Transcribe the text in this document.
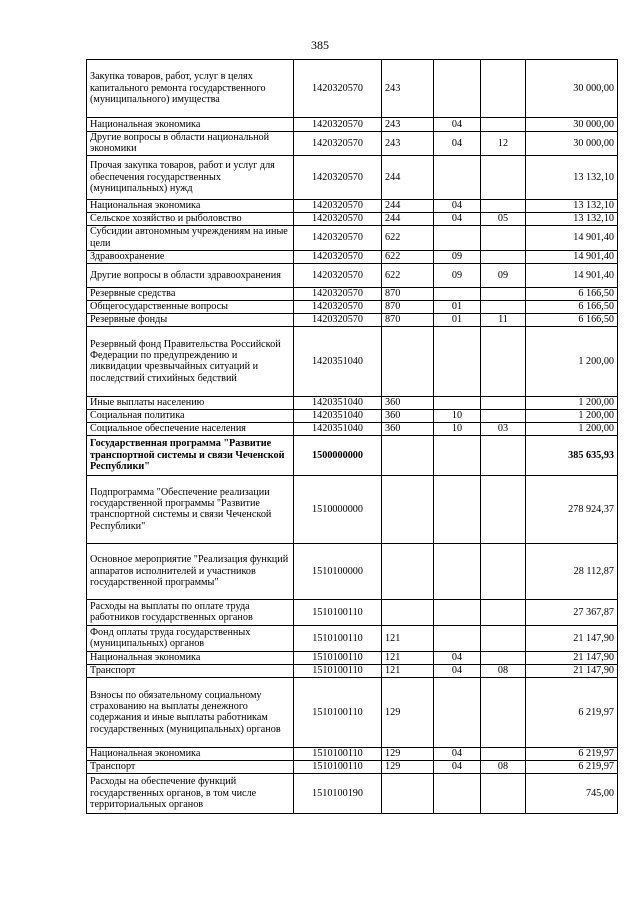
385
Закупка товаров, работ, услуг в целях капитального ремонта государственного (муниципального) имущества	1420320570	243			30 000,00
Национальная экономика	1420320570	243	04		30 000,00
Другие вопросы в области национальной экономики	1420320570	243	04	12	30 000,00
Прочая закупка товаров, работ и услуг для обеспечения государственных (муниципальных) нужд	1420320570	244			13 132,10
Национальная экономика	1420320570	244	04		13 132,10
Сельское хозяйство и рыболовство	1420320570	244	04	05	13 132,10
Субсидии автономным учреждениям на иные цели	1420320570	622			14 901,40
Здравоохранение	1420320570	622	09		14 901,40
Другие вопросы в области здравоохранения	1420320570	622	09	09	14 901,40
Резервные средства	1420320570	870			6 166,50
Общегосударственные вопросы	1420320570	870	01		6 166,50
Резервные фонды	1420320570	870	01	11	6 166,50
Резервный фонд Правительства Российской Федерации по предупреждению и ликвидации чрезвычайных ситуаций и последствий стихийных бедствий	1420351040				1 200,00
Иные выплаты населению	1420351040	360			1 200,00
Социальная политика	1420351040	360	10		1 200,00
Социальное обеспечение населения	1420351040	360	10	03	1 200,00
Государственная программа "Развитие транспортной системы и связи Чеченской Республики"	1500000000				385 635,93
Подпрограмма "Обеспечение реализации государственной программы "Развитие транспортной системы и связи Чеченской Республики"	1510000000				278 924,37
Основное мероприятие "Реализация функций аппаратов исполнителей и участников государственной программы"	1510100000				28 112,87
Расходы на выплаты по оплате труда работников государственных органов	1510100110				27 367,87
Фонд оплаты труда государственных (муниципальных) органов	1510100110	121			21 147,90
Национальная экономика	1510100110	121	04		21 147,90
Транспорт	1510100110	121	04	08	21 147,90
Взносы по обязательному социальному страхованию на выплаты денежного содержания и иные выплаты работникам государственных (муниципальных) органов	1510100110	129			6 219,97
Национальная экономика	1510100110	129	04		6 219,97
Транспорт	1510100110	129	04	08	6 219,97
Расходы на обеспечение функций государственных органов, в том числе территориальных органов	1510100190				745,00
